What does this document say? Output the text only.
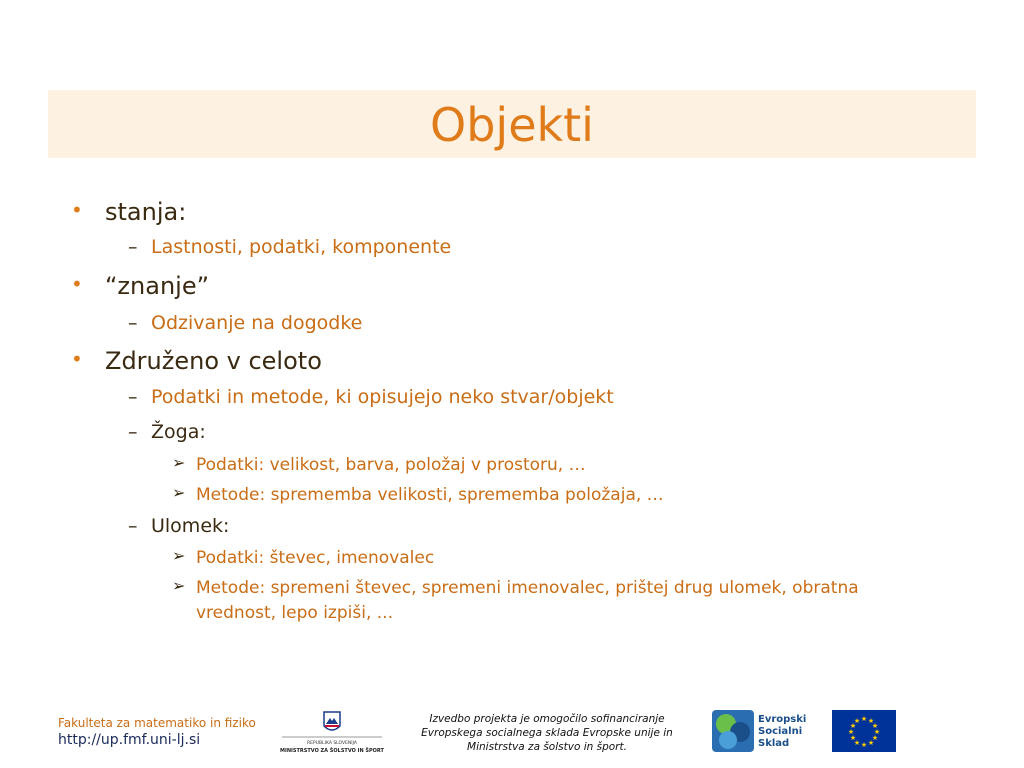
Objekti
• stanja:
– Lastnosti, podatki, komponente
• “znanje”
– Odzivanje na dogodke
• Združeno v celoto
– Podatki in metode, ki opisujejo neko stvar/objekt
– Žoga:
➢ Podatki: velikost, barva, položaj v prostoru, …
➢ Metode: sprememba velikosti, sprememba položaja, …
– Ulomek:
➢ Podatki: števec, imenovalec
➢ Metode: spremeni števec, spremeni imenovalec, prištej drug ulomek, obratna vrednost, lepo izpiši, ...
Fakulteta za matematiko in fiziko
http://up.fmf.uni-lj.si	REPUBLIKA SLOVENIJA
MINISTRSTVO ZA ŠOLSTVO IN ŠPORT
Izvedbo projekta je omogočilo sofinanciranje Evropskega socialnega sklada Evropske unije in Ministrstva za šolstvo in šport.
Evropski
Socialni
Sklad
★ ★
★
★
★
★
★
★
★
★
★
★
